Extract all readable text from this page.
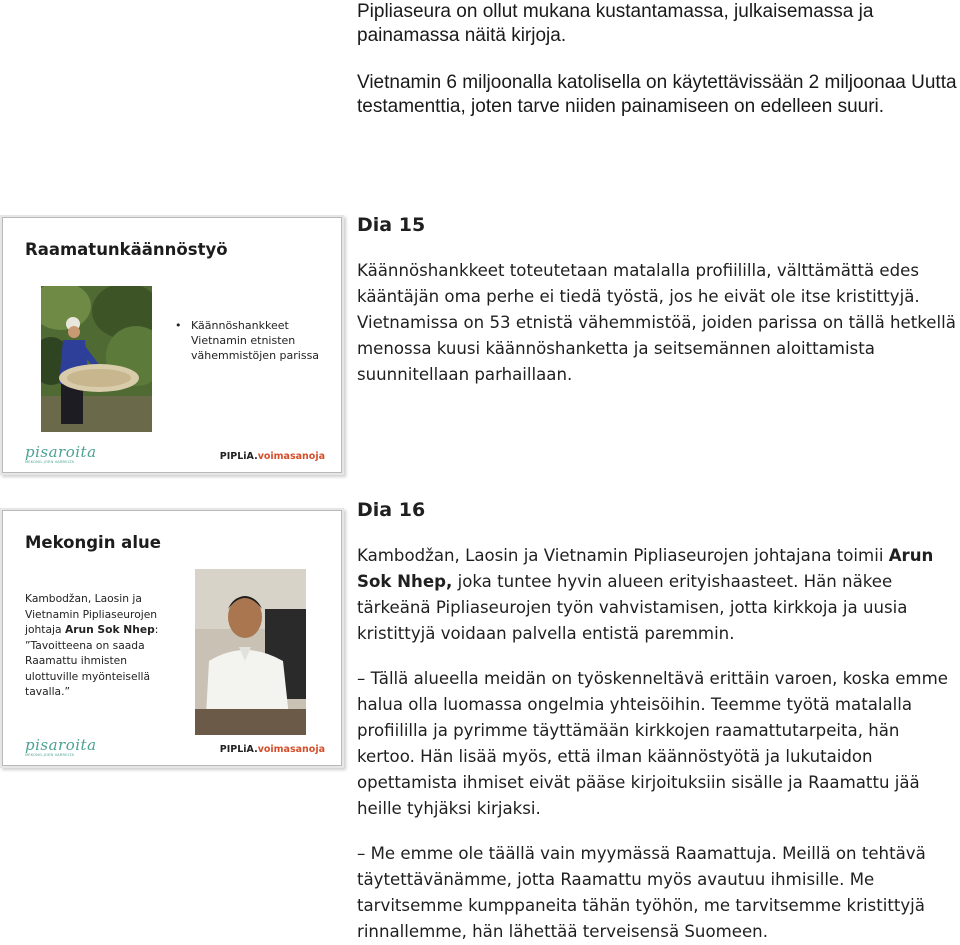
Pipliaseura on ollut mukana kustantamassa, julkaisemassa ja painamassa näitä kirjoja.

Vietnamin 6 miljoonalla katolisella on käytettävissään 2 miljoonaa Uutta testamenttia, joten tarve niiden painamiseen on edelleen suuri.

Raamatunkäännöstyö
• Käännöshankkeet
Vietnamin etnisten
vähemmistöjen parissa
pisaroita
MEKONG-JOEN VARRELTA	PIPLiA.voimasanoja
Mekongin alue
Kambodžan, Laosin ja Vietnamin Pipliaseurojen johtaja Arun Sok Nhep:
”Tavoitteena on saada Raamattu ihmisten ulottuville myönteisellä tavalla.”
pisaroita
MEKONG-JOEN VARRELTA	PIPLiA.voimasanoja
Dia 15

Käännöshankkeet toteutetaan matalalla profiililla, välttämättä edes kääntäjän oma perhe ei tiedä työstä, jos he eivät ole itse kristittyjä. Vietnamissa on 53 etnistä vähemmistöä, joiden parissa on tällä hetkellä menossa kuusi käännöshanketta ja seitsemännen aloittamista suunnitellaan parhaillaan.

Dia 16

Kambodžan, Laosin ja Vietnamin Pipliaseurojen johtajana toimii Arun Sok Nhep, joka tuntee hyvin alueen erityishaasteet. Hän näkee tärkeänä Pipliaseurojen työn vahvistamisen, jotta kirkkoja ja uusia kristittyjä voidaan palvella entistä paremmin.

– Tällä alueella meidän on työskenneltävä erittäin varoen, koska emme halua olla luomassa ongelmia yhteisöihin. Teemme työtä matalalla profiililla ja pyrimme täyttämään kirkkojen raamattutarpeita, hän kertoo. Hän lisää myös, että ilman käännöstyötä ja lukutaidon opettamista ihmiset eivät pääse kirjoituksiin sisälle ja Raamattu jää heille tyhjäksi kirjaksi.

– Me emme ole täällä vain myymässä Raamattuja. Meillä on tehtävä täytettävänämme, jotta Raamattu myös avautuu ihmisille. Me tarvitsemme kumppaneita tähän työhön, me tarvitsemme kristittyjä rinnallemme, hän lähettää terveisensä Suomeen.
